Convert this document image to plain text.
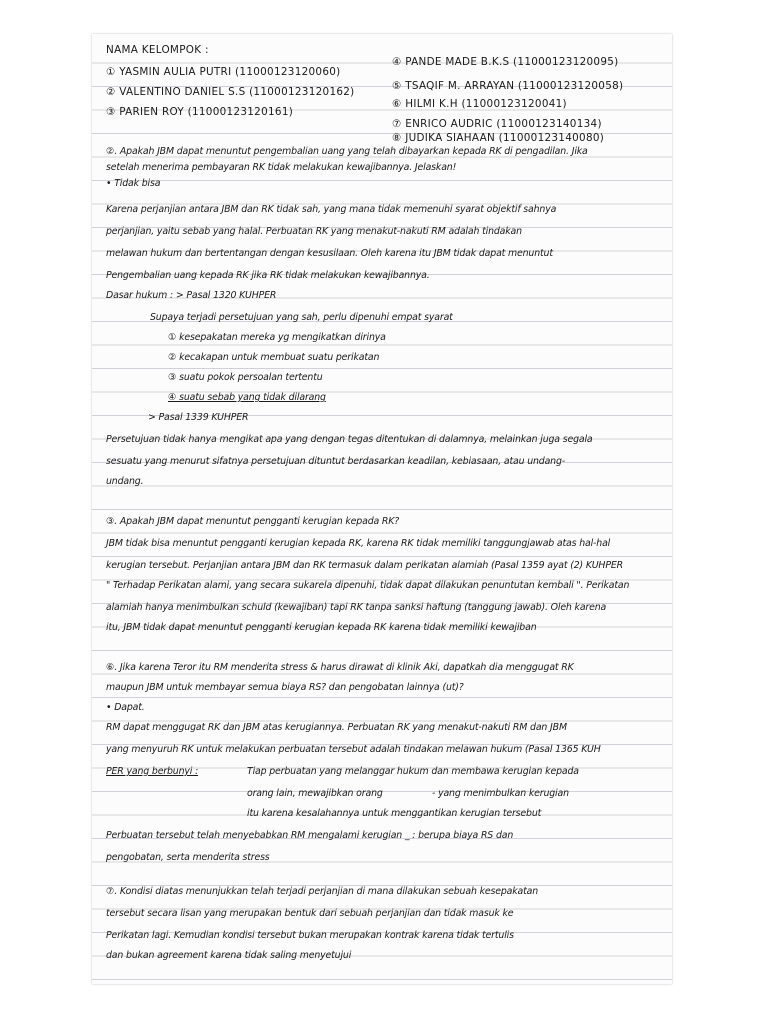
NAMA KELOMPOK :
① YASMIN AULIA PUTRI (11000123120060)
② VALENTINO DANIEL S.S (11000123120162)
③ PARIEN ROY (11000123120161)
④ PANDE MADE B.K.S (11000123120095)
⑤ TSAQIF M. ARRAYAN (11000123120058)
⑥ HILMI K.H (11000123120041)
⑦ ENRICO AUDRIC (11000123140134)
⑧ JUDIKA SIAHAAN (11000123140080)
②. Apakah JBM dapat menuntut pengembalian uang yang telah dibayarkan kepada RK di pengadilan. Jika
setelah menerima pembayaran RK tidak melakukan kewajibannya. Jelaskan!
• Tidak bisa
Karena perjanjian antara JBM dan RK tidak sah, yang mana tidak memenuhi syarat objektif sahnya
perjanjian, yaitu sebab yang halal. Perbuatan RK yang menakut-nakuti RM adalah tindakan
melawan hukum dan bertentangan dengan kesusilaan. Oleh karena itu JBM tidak dapat menuntut
Pengembalian uang kepada RK jika RK tidak melakukan kewajibannya.
Dasar hukum : > Pasal 1320 KUHPER
Supaya terjadi persetujuan yang sah, perlu dipenuhi empat syarat
① kesepakatan mereka yg mengikatkan dirinya
② kecakapan untuk membuat suatu perikatan
③ suatu pokok persoalan tertentu
④ suatu sebab yang tidak dilarang
> Pasal 1339 KUHPER
Persetujuan tidak hanya mengikat apa yang dengan tegas ditentukan di dalamnya, melainkan juga segala
sesuatu yang menurut sifatnya persetujuan dituntut berdasarkan keadilan, kebiasaan, atau undang-
undang.
③. Apakah JBM dapat menuntut pengganti kerugian kepada RK?
JBM tidak bisa menuntut pengganti kerugian kepada RK, karena RK tidak memiliki tanggungjawab atas hal-hal
kerugian tersebut. Perjanjian antara JBM dan RK termasuk dalam perikatan alamiah (Pasal 1359 ayat (2) KUHPER
" Terhadap Perikatan alami, yang secara sukarela dipenuhi, tidak dapat dilakukan penuntutan kembali ". Perikatan
alamiah hanya menimbulkan schuld (kewajiban) tapi RK tanpa sanksi haftung (tanggung jawab). Oleh karena
itu, JBM tidak dapat menuntut pengganti kerugian kepada RK karena tidak memiliki kewajiban
⑥. Jika karena Teror itu RM menderita stress & harus dirawat di klinik Aki, dapatkah dia menggugat RK
maupun JBM untuk membayar semua biaya RS? dan pengobatan lainnya (ut)?
• Dapat.
RM dapat menggugat RK dan JBM atas kerugiannya. Perbuatan RK yang menakut-nakuti RM dan JBM
yang menyuruh RK untuk melakukan perbuatan tersebut adalah tindakan melawan hukum (Pasal 1365 KUH
PER yang berbunyi :	Tiap perbuatan yang melanggar hukum dan membawa kerugian kepada
orang lain, mewajibkan orang	- yang menimbulkan kerugian
itu karena kesalahannya untuk menggantikan kerugian tersebut
Perbuatan tersebut telah menyebabkan RM mengalami kerugian _ : berupa biaya RS dan
pengobatan, serta menderita stress
⑦. Kondisi diatas menunjukkan telah terjadi perjanjian di mana dilakukan sebuah kesepakatan
tersebut secara lisan yang merupakan bentuk dari sebuah perjanjian dan tidak masuk ke
Perikatan lagi. Kemudian kondisi tersebut bukan merupakan kontrak karena tidak tertulis
dan bukan agreement karena tidak saling menyetujui
